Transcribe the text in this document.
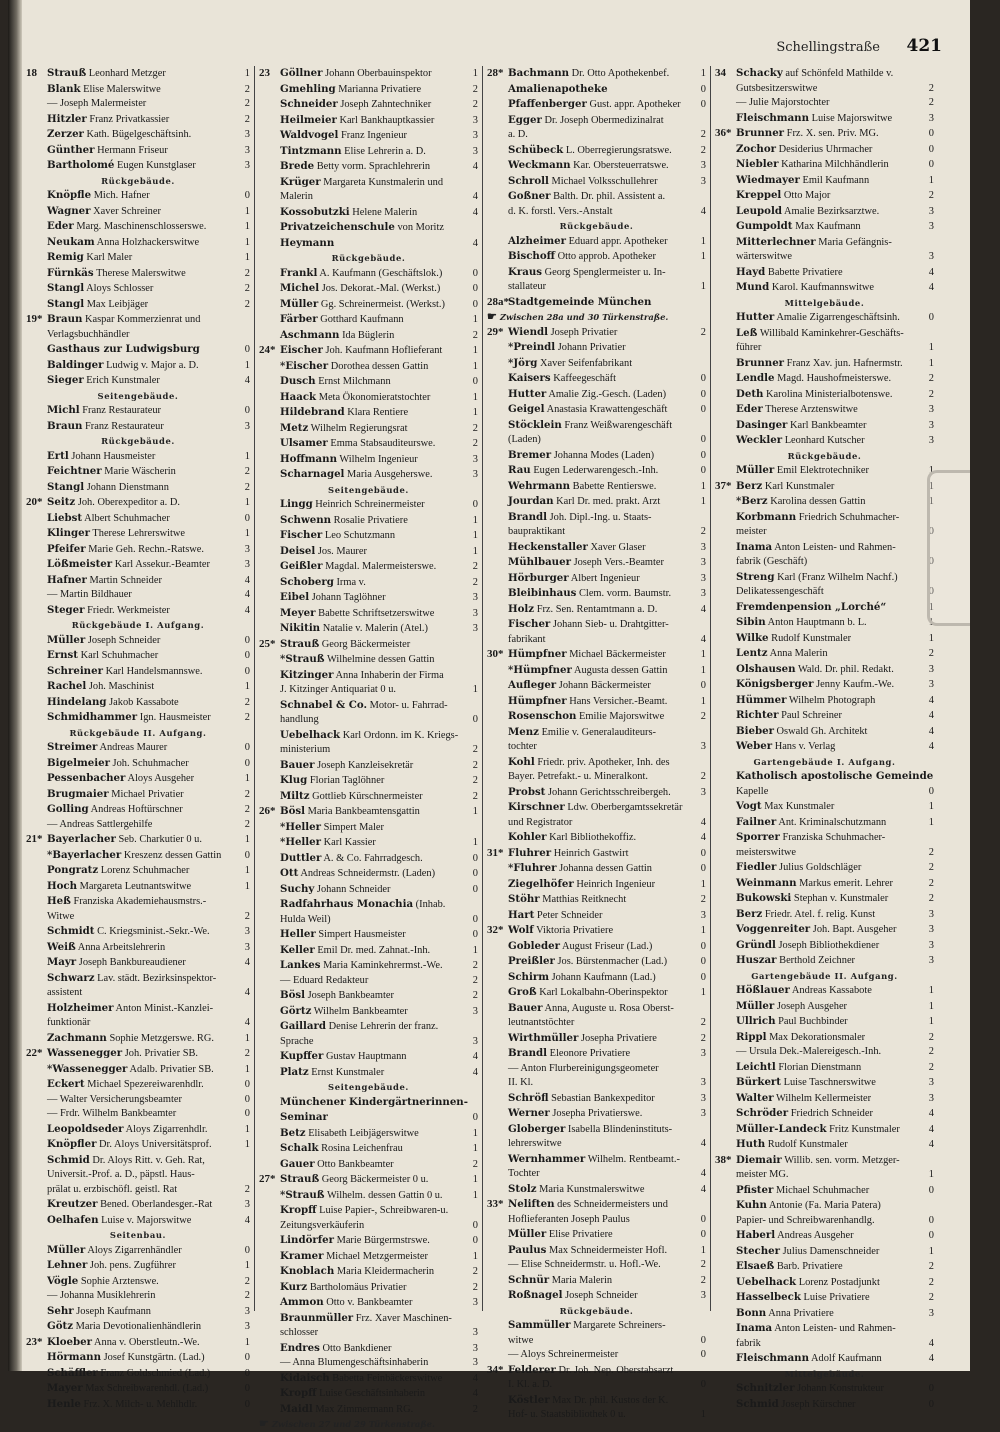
Schellingstraße 421
18 Strauß Leonhard Metzger	1
Blank Elise Malerswitwe	2
— Joseph Malermeister	2
Hitzler Franz Privatkassier	2
Zerzer Kath. Bügelgeschäftsinh.	3
Günther Hermann Friseur	3
Bartholomé Eugen Kunstglaser	3
Rückgebäude.
Knöpfle Mich. Hafner	0
Wagner Xaver Schreiner	1
Eder Marg. Maschinenschlosserswe.	1
Neukam Anna Holzhackerswitwe	1
Remig Karl Maler	1
Fürnkäs Therese Malerswitwe	2
Stangl Aloys Schlosser	2
Stangl Max Leibjäger	2
19* Braun Kaspar Kommerzienrat und
Verlagsbuchhändler
Gasthaus zur Ludwigsburg	0
Baldinger Ludwig v. Major a. D.	1
Sieger Erich Kunstmaler	4
Seitengebäude.
Michl Franz Restaurateur	0
Braun Franz Restaurateur	3
Rückgebäude.
Ertl Johann Hausmeister	1
Feichtner Marie Wäscherin	2
Stangl Johann Dienstmann	2
20* Seitz Joh. Oberexpeditor a. D.	1
Liebst Albert Schuhmacher	0
Klinger Therese Lehrerswitwe	1
Pfeifer Marie Geh. Rechn.-Ratswe.	3
Lößmeister Karl Assekur.-Beamter	3
Hafner Martin Schneider	4
— Martin Bildhauer	4
Steger Friedr. Werkmeister	4
Rückgebäude I. Aufgang.
Müller Joseph Schneider	0
Ernst Karl Schuhmacher	0
Schreiner Karl Handelsmannswe.	0
Rachel Joh. Maschinist	1
Hindelang Jakob Kassabote	2
Schmidhammer Ign. Hausmeister	2
Rückgebäude II. Aufgang.
Streimer Andreas Maurer	0
Bigelmeier Joh. Schuhmacher	0
Pessenbacher Aloys Ausgeher	1
Brugmaier Michael Privatier	2
Golling Andreas Hoftürschner	2
— Andreas Sattlergehilfe	2
21* Bayerlacher Seb. Charkutier 0 u.	1
*Bayerlacher Kreszenz dessen Gattin	0
Pongratz Lorenz Schuhmacher	1
Hoch Margareta Leutnantswitwe	1
Heß Franziska Akademiehausmstrs.-
Witwe	2
Schmidt C. Kriegsminist.-Sekr.-We.	3
Weiß Anna Arbeitslehrerin	3
Mayr Joseph Bankbureaudiener	4
Schwarz Lav. städt. Bezirksinspektor-
assistent	4
Holzheimer Anton Minist.-Kanzlei-
funktionär	4
Zachmann Sophie Metzgerswe. RG.	1
22* Wassenegger Joh. Privatier SB.	2
*Wassenegger Adalb. Privatier SB.	1
Eckert Michael Spezereiwarenhdlr.	0
— Walter Versicherungsbeamter	0
— Frdr. Wilhelm Bankbeamter	0
Leopoldseder Aloys Zigarrenhdlr.	1
Knöpfler Dr. Aloys Universitätsprof.	1
Schmid Dr. Aloys Ritt. v. Geh. Rat,
Universit.-Prof. a. D., päpstl. Haus-
prälat u. erzbischöfl. geistl. Rat	2
Kreutzer Bened. Oberlandesger.-Rat	3
Oelhafen Luise v. Majorswitwe	4
Seitenbau.
Müller Aloys Zigarrenhändler	0
Lehner Joh. pens. Zugführer	1
Vögle Sophie Arztenswe.	2
— Johanna Musiklehrerin	2
Sehr Joseph Kaufmann	3
Götz Maria Devotionalienhändlerin	3
23* Kloeber Anna v. Oberstleutn.-We.	1
Hörmann Josef Kunstgärtn. (Lad.)	0
Schäffler Franz Goldschmied (Lad.)	0
Mayer Max Schreibwarenhdl. (Lad.)	0
Henle Frz. X. Milch- u. Mehlhdlr.	0
23 Göllner Johann Oberbauinspektor	1
Gmehling Marianna Privatiere	2
Schneider Joseph Zahntechniker	2
Heilmeier Karl Bankhauptkassier	3
Waldvogel Franz Ingenieur	3
Tintzmann Elise Lehrerin a. D.	3
Brede Betty vorm. Sprachlehrerin	4
Krüger Margareta Kunstmalerin und
Malerin	4
Kossobutzki Helene Malerin	4
Privatzeichenschule von Moritz
Heymann	4
Rückgebäude.
Frankl A. Kaufmann (Geschäftslok.)	0
Michel Jos. Dekorat.-Mal. (Werkst.)	0
Müller Gg. Schreinermeist. (Werkst.)	0
Färber Gotthard Kaufmann	1
Aschmann Ida Büglerin	2
24* Eischer Joh. Kaufmann Hoflieferant	1
*Eischer Dorothea dessen Gattin	1
Dusch Ernst Milchmann	0
Haack Meta Ökonomieratstochter	1
Hildebrand Klara Rentiere	1
Metz Wilhelm Regierungsrat	2
Ulsamer Emma Stabsauditeurswe.	2
Hoffmann Wilhelm Ingenieur	3
Scharnagel Maria Ausgeherswe.	3
Seitengebäude.
Lingg Heinrich Schreinermeister	0
Schwenn Rosalie Privatiere	1
Fischer Leo Schutzmann	1
Deisel Jos. Maurer	1
Geißler Magdal. Malermeisterswe.	2
Schoberg Irma v.	2
Eibel Johann Taglöhner	3
Meyer Babette Schriftsetzerswitwe	3
Nikitin Natalie v. Malerin (Atel.)	3
25* Strauß Georg Bäckermeister
*Strauß Wilhelmine dessen Gattin
Kitzinger Anna Inhaberin der Firma
J. Kitzinger Antiquariat 0 u.	1
Schnabel & Co. Motor- u. Fahrrad-
handlung	0
Uebelhack Karl Ordonn. im K. Kriegs-
ministerium	2
Bauer Joseph Kanzleisekretär	2
Klug Florian Taglöhner	2
Miltz Gottlieb Kürschnermeister	2
26* Bösl Maria Bankbeamtensgattin	1
*Heller Simpert Maler
*Heller Karl Kassier	1
Duttler A. & Co. Fahrradgesch.	0
Ott Andreas Schneidermstr. (Laden)	0
Suchy Johann Schneider	0
Radfahrhaus Monachia (Inhab.
Hulda Weil)	0
Heller Simpert Hausmeister	0
Keller Emil Dr. med. Zahnat.-Inh.	1
Lankes Maria Kaminkehrermst.-We.	2
— Eduard Redakteur	2
Bösl Joseph Bankbeamter	2
Görtz Wilhelm Bankbeamter	3
Gaillard Denise Lehrerin der franz.
Sprache	3
Kupffer Gustav Hauptmann	4
Platz Ernst Kunstmaler	4
Seitengebäude.
Münchener Kindergärtnerinnen-
Seminar	0
Betz Elisabeth Leibjägerswitwe	1
Schalk Rosina Leichenfrau	1
Gauer Otto Bankbeamter	2
27* Strauß Georg Bäckermeister 0 u.	1
*Strauß Wilhelm. dessen Gattin 0 u.	1
Kropff Luise Papier-, Schreibwaren-u.
Zeitungsverkäuferin	0
Lindörfer Marie Bürgermstrswe.	0
Kramer Michael Metzgermeister	1
Knoblach Maria Kleidermacherin	2
Kurz Bartholomäus Privatier	2
Ammon Otto v. Bankbeamter	3
Braunmüller Frz. Xaver Maschinen-
schlosser	3
Endres Otto Bankdiener	3
— Anna Blumengeschäftsinhaberin	3
Kidaisch Babetta Feinbäckerswitwe	4
Kropff Luise Geschäftsinhaberin	4
Maidl Max Zimmermann RG.	2
☛ Zwischen 27 und 29 Türkenstraße.
28* Bachmann Dr. Otto Apothekenbef.	1
Amalienapotheke	0
Pfaffenberger Gust. appr. Apotheker	0
Egger Dr. Joseph Obermedizinalrat
a. D.	2
Schübeck L. Oberregierungsratswe.	2
Weckmann Kar. Obersteuerratswe.	3
Schroll Michael Volksschullehrer	3
Goßner Balth. Dr. phil. Assistent a.
d. K. forstl. Vers.-Anstalt	4
Rückgebäude.
Alzheimer Eduard appr. Apotheker	1
Bischoff Otto approb. Apotheker	1
Kraus Georg Spenglermeister u. In-
stallateur	1
28a* Stadtgemeinde München
☛ Zwischen 28a und 30 Türkenstraße.
29* Wiendl Joseph Privatier	2
*Preindl Johann Privatier
*Jörg Xaver Seifenfabrikant
Kaisers Kaffeegeschäft	0
Hutter Amalie Zig.-Gesch. (Laden)	0
Geigel Anastasia Krawattengeschäft	0
Stöcklein Franz Weißwarengeschäft
(Laden)	0
Bremer Johanna Modes (Laden)	0
Rau Eugen Lederwarengesch.-Inh.	0
Wehrmann Babette Rentierswe.	1
Jourdan Karl Dr. med. prakt. Arzt	1
Brandl Joh. Dipl.-Ing. u. Staats-
baupraktikant	2
Heckenstaller Xaver Glaser	3
Mühlbauer Joseph Vers.-Beamter	3
Hörburger Albert Ingenieur	3
Bleibinhaus Clem. vorm. Baumstr.	3
Holz Frz. Sen. Rentamtmann a. D.	4
Fischer Johann Sieb- u. Drahtgitter-
fabrikant	4
30* Hümpfner Michael Bäckermeister	1
*Hümpfner Augusta dessen Gattin	1
Aufleger Johann Bäckermeister	0
Hümpfner Hans Versicher.-Beamt.	1
Rosenschon Emilie Majorswitwe	2
Menz Emilie v. Generalauditeurs-
tochter	3
Kohl Friedr. priv. Apotheker, Inh. des
Bayer. Petrefakt.- u. Mineralkont.	2
Probst Johann Gerichtsschreibergeh.	3
Kirschner Ldw. Oberbergamtssekretär
und Registrator	4
Kohler Karl Bibliothekoffiz.	4
31* Fluhrer Heinrich Gastwirt	0
*Fluhrer Johanna dessen Gattin	0
Ziegelhöfer Heinrich Ingenieur	1
Stöhr Matthias Reitknecht	2
Hart Peter Schneider	3
32* Wolf Viktoria Privatiere	1
Gobleder August Friseur (Lad.)	0
Preißler Jos. Bürstenmacher (Lad.)	0
Schirm Johann Kaufmann (Lad.)	0
Groß Karl Lokalbahn-Oberinspektor	1
Bauer Anna, Auguste u. Rosa Oberst-
leutnantstöchter	2
Wirthmüller Josepha Privatiere	2
Brandl Eleonore Privatiere	3
— Anton Flurbereinigungsgeometer
II. Kl.	3
Schröfl Sebastian Bankexpeditor	3
Werner Josepha Privatierswe.	3
Globerger Isabella Blindeninstituts-
lehrerswitwe	4
Wernhammer Wilhelm. Rentbeamt.-
Tochter	4
Stolz Maria Kunstmalerswitwe	4
33* Neliften des Schneidermeisters und
Hoflieferanten Joseph Paulus	0
Müller Elise Privatiere	0
Paulus Max Schneidermeister Hofl.	1
— Elise Schneidermstr. u. Hofl.-We.	2
Schnür Maria Malerin	2
Roßnagel Joseph Schneider	3
Rückgebäude.
Sammüller Margarete Schreiners-
witwe	0
— Aloys Schreinermeister	0
34* Felderer Dr. Joh. Nep. Oberstabsarzt
I. Kl. a. D.	0
Köstler Max Dr. phil. Kustos der K.
Hof- u. Staatsbibliothek 0 u.	1
34 Schacky auf Schönfeld Mathilde v.
Gutsbesitzerswitwe	2
— Julie Majorstochter	2
Fleischmann Luise Majorswitwe	3
36* Brunner Frz. X. sen. Priv. MG.	0
Zochor Desiderius Uhrmacher	0
Niebler Katharina Milchhändlerin	0
Wiedmayer Emil Kaufmann	1
Kreppel Otto Major	2
Leupold Amalie Bezirksarztwe.	3
Gumpoldt Max Kaufmann	3
Mitterlechner Maria Gefängnis-
wärterswitwe	3
Hayd Babette Privatiere	4
Mund Karol. Kaufmannswitwe	4
Mittelgebäude.
Hutter Amalie Zigarrengeschäftsinh.	0
Leß Willibald Kaminkehrer-Geschäfts-
führer	1
Brunner Franz Xav. jun. Hafnermstr.	1
Lendle Magd. Haushofmeisterswe.	2
Deth Karolina Ministerialbotenswe.	2
Eder Therese Arztenswitwe	3
Dasinger Karl Bankbeamter	3
Weckler Leonhard Kutscher	3
Rückgebäude.
Müller Emil Elektrotechniker	1
37* Berz Karl Kunstmaler	1
*Berz Karolina dessen Gattin	1
Korbmann Friedrich Schuhmacher-
meister	0
Inama Anton Leisten- und Rahmen-
fabrik (Geschäft)	0
Streng Karl (Franz Wilhelm Nachf.)
Delikatessengeschäft	0
Fremdenpension „Lorché“	1
Sibin Anton Hauptmann b. L.	1
Wilke Rudolf Kunstmaler	1
Lentz Anna Malerin	2
Olshausen Wald. Dr. phil. Redakt.	3
Königsberger Jenny Kaufm.-We.	3
Hümmer Wilhelm Photograph	4
Richter Paul Schreiner	4
Bieber Oswald Gh. Architekt	4
Weber Hans v. Verlag	4
Gartengebäude I. Aufgang.
Katholisch apostolische Gemeinde
Kapelle	0
Vogt Max Kunstmaler	1
Failner Ant. Kriminalschutzmann	1
Sporrer Franziska Schuhmacher-
meisterswitwe	2
Fiedler Julius Goldschläger	2
Weinmann Markus emerit. Lehrer	2
Bukowski Stephan v. Kunstmaler	2
Berz Friedr. Atel. f. relig. Kunst	3
Voggenreiter Joh. Bapt. Ausgeher	3
Gründl Joseph Bibliothekdiener	3
Huszar Berthold Zeichner	3
Gartengebäude II. Aufgang.
Hößlauer Andreas Kassabote	1
Müller Joseph Ausgeher	1
Ullrich Paul Buchbinder	1
Rippl Max Dekorationsmaler	2
— Ursula Dek.-Malereigesch.-Inh.	2
Leichtl Florian Dienstmann	2
Bürkert Luise Taschnerswitwe	3
Walter Wilhelm Kellermeister	3
Schröder Friedrich Schneider	4
Müller-Landeck Fritz Kunstmaler	4
Huth Rudolf Kunstmaler	4
38* Diemair Willib. sen. vorm. Metzger-
meister MG.	1
Pfister Michael Schuhmacher	0
Kuhn Antonie (Fa. Maria Patera)
Papier- und Schreibwarenhandlg.	0
Haberl Andreas Ausgeher	0
Stecher Julius Damenschneider	1
Elsaeß Barb. Privatiere	2
Uebelhack Lorenz Postadjunkt	2
Hasselbeck Luise Privatiere	2
Bonn Anna Privatiere	3
Inama Anton Leisten- und Rahmen-
fabrik	4
Fleischmann Adolf Kaufmann	4
Mittelgebäude.
Schnitzler Johann Konstrukteur	0
Schmid Joseph Kürschner	0
